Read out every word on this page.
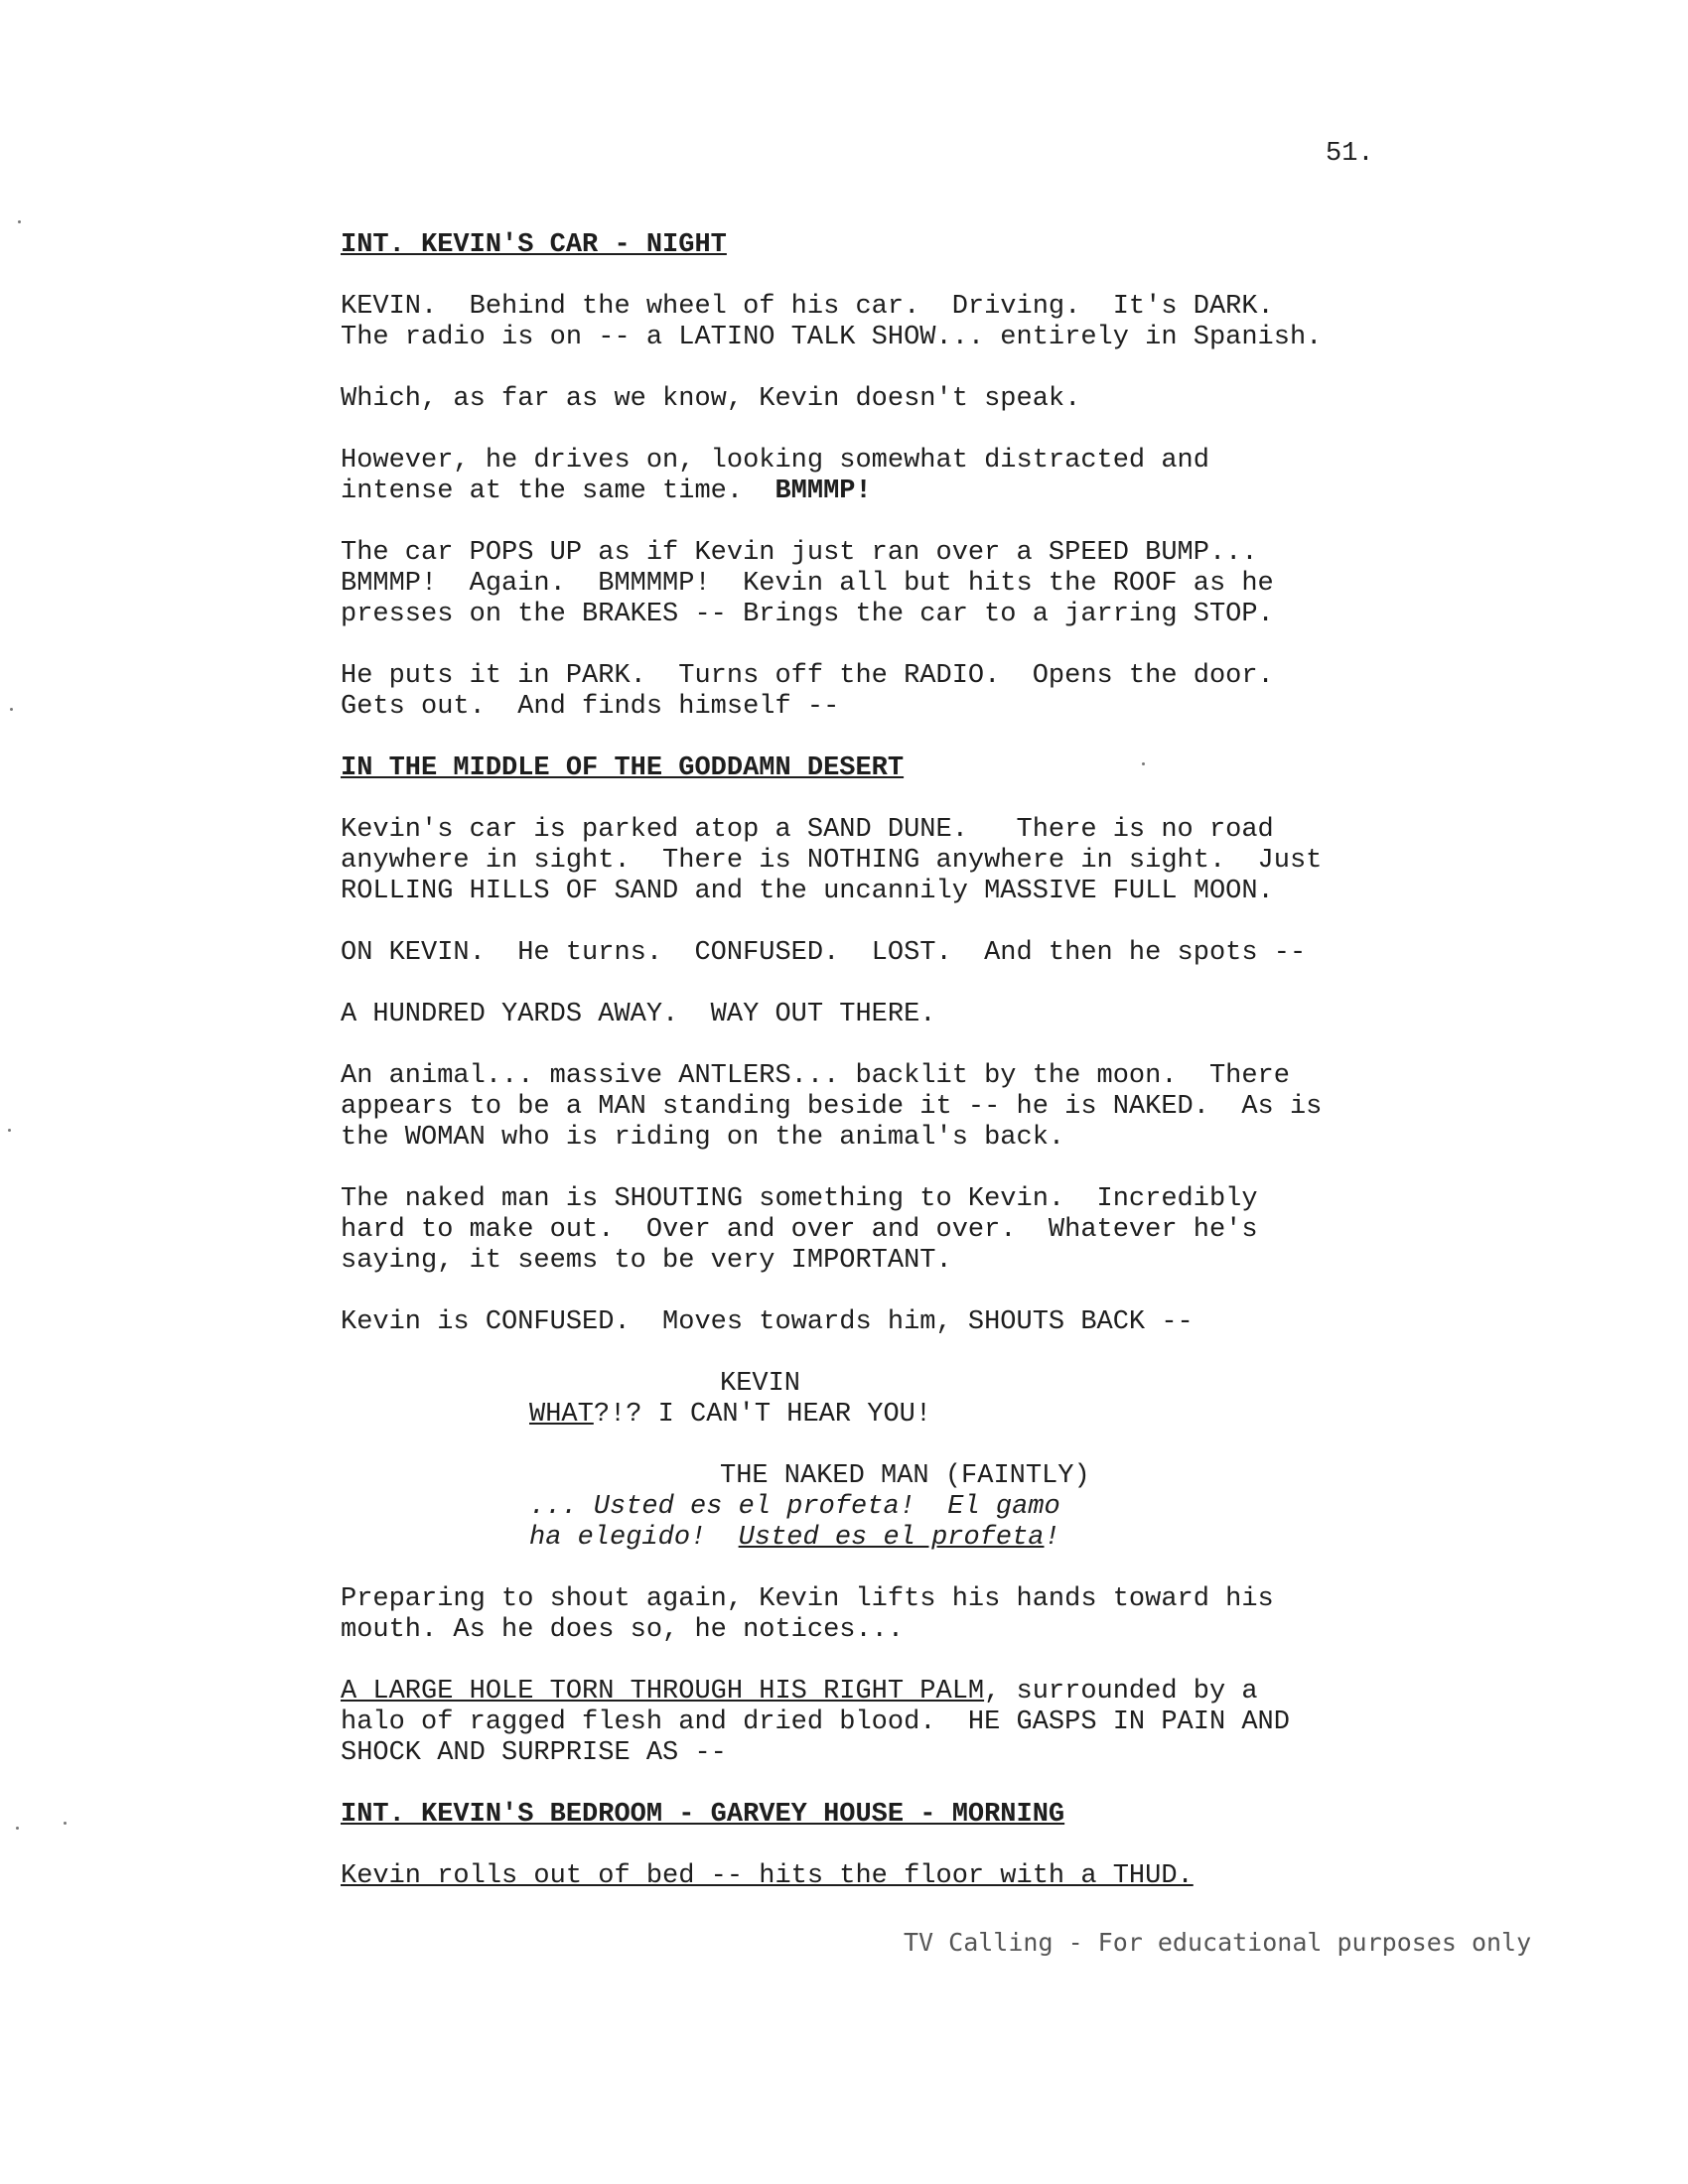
51.
INT. KEVIN'S CAR - NIGHT
KEVIN.  Behind the wheel of his car.  Driving.  It's DARK.
The radio is on -- a LATINO TALK SHOW... entirely in Spanish.
Which, as far as we know, Kevin doesn't speak.
However, he drives on, looking somewhat distracted and
intense at the same time.  BMMMP!
The car POPS UP as if Kevin just ran over a SPEED BUMP...
BMMMP!  Again.  BMMMMP!  Kevin all but hits the ROOF as he
presses on the BRAKES -- Brings the car to a jarring STOP.
He puts it in PARK.  Turns off the RADIO.  Opens the door.
Gets out.  And finds himself --
IN THE MIDDLE OF THE GODDAMN DESERT
Kevin's car is parked atop a SAND DUNE.   There is no road
anywhere in sight.  There is NOTHING anywhere in sight.  Just
ROLLING HILLS OF SAND and the uncannily MASSIVE FULL MOON.
ON KEVIN.  He turns.  CONFUSED.  LOST.  And then he spots --
A HUNDRED YARDS AWAY.  WAY OUT THERE.
An animal... massive ANTLERS... backlit by the moon.  There
appears to be a MAN standing beside it -- he is NAKED.  As is
the WOMAN who is riding on the animal's back.
The naked man is SHOUTING something to Kevin.  Incredibly
hard to make out.  Over and over and over.  Whatever he's
saying, it seems to be very IMPORTANT.
Kevin is CONFUSED.  Moves towards him, SHOUTS BACK --
KEVIN
WHAT?!? I CAN'T HEAR YOU!
THE NAKED MAN (FAINTLY)
... Usted es el profeta!  El gamo
ha elegido!  Usted es el profeta!
Preparing to shout again, Kevin lifts his hands toward his
mouth. As he does so, he notices...
A LARGE HOLE TORN THROUGH HIS RIGHT PALM, surrounded by a
halo of ragged flesh and dried blood.  HE GASPS IN PAIN AND
SHOCK AND SURPRISE AS --
INT. KEVIN'S BEDROOM - GARVEY HOUSE - MORNING
Kevin rolls out of bed -- hits the floor with a THUD.
TV Calling - For educational purposes only
